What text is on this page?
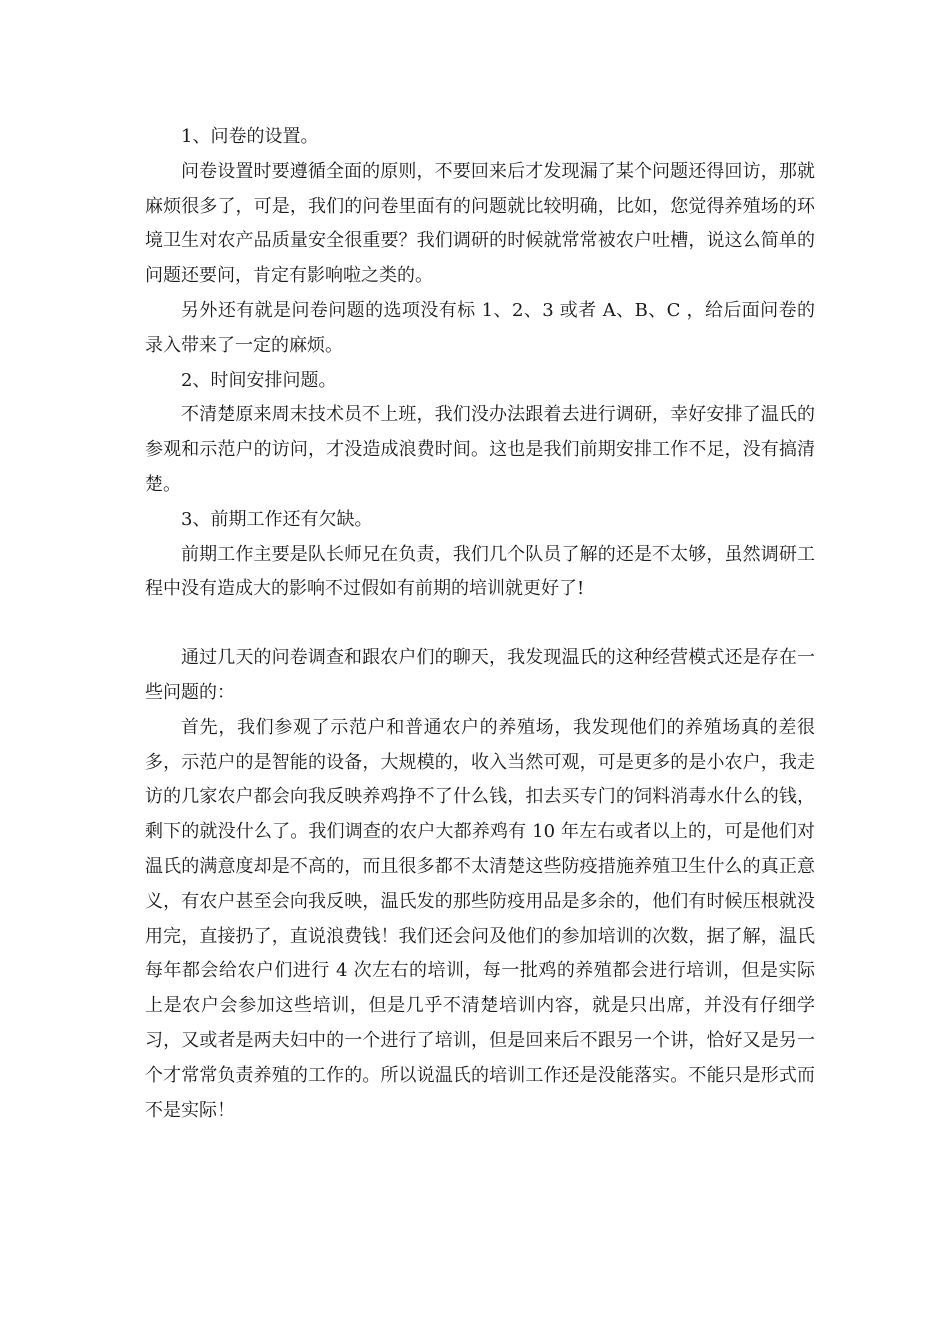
1、问卷的设置。

问卷设置时要遵循全面的原则，不要回来后才发现漏了某个问题还得回访，那就麻烦很多了，可是，我们的问卷里面有的问题就比较明确，比如，您觉得养殖场的环境卫生对农产品质量安全很重要？我们调研的时候就常常被农户吐槽，说这么简单的问题还要问，肯定有影响啦之类的。

另外还有就是问卷问题的选项没有标 1、2、3 或者 A、B、C ，给后面问卷的录入带来了一定的麻烦。

2、时间安排问题。

不清楚原来周末技术员不上班，我们没办法跟着去进行调研，幸好安排了温氏的参观和示范户的访问，才没造成浪费时间。这也是我们前期安排工作不足，没有搞清楚。

3、前期工作还有欠缺。

前期工作主要是队长师兄在负责，我们几个队员了解的还是不太够，虽然调研工程中没有造成大的影响不过假如有前期的培训就更好了!

通过几天的问卷调查和跟农户们的聊天，我发现温氏的这种经营模式还是存在一些问题的：

首先，我们参观了示范户和普通农户的养殖场，我发现他们的养殖场真的差很多，示范户的是智能的设备，大规模的，收入当然可观，可是更多的是小农户，我走访的几家农户都会向我反映养鸡挣不了什么钱，扣去买专门的饲料消毒水什么的钱，剩下的就没什么了。我们调查的农户大都养鸡有 10 年左右或者以上的，可是他们对温氏的满意度却是不高的，而且很多都不太清楚这些防疫措施养殖卫生什么的真正意义，有农户甚至会向我反映，温氏发的那些防疫用品是多余的，他们有时候压根就没用完，直接扔了，直说浪费钱！我们还会问及他们的参加培训的次数，据了解，温氏每年都会给农户们进行 4 次左右的培训，每一批鸡的养殖都会进行培训，但是实际上是农户会参加这些培训，但是几乎不清楚培训内容，就是只出席，并没有仔细学习，又或者是两夫妇中的一个进行了培训，但是回来后不跟另一个讲，恰好又是另一个才常常负责养殖的工作的。所以说温氏的培训工作还是没能落实。不能只是形式而不是实际！
